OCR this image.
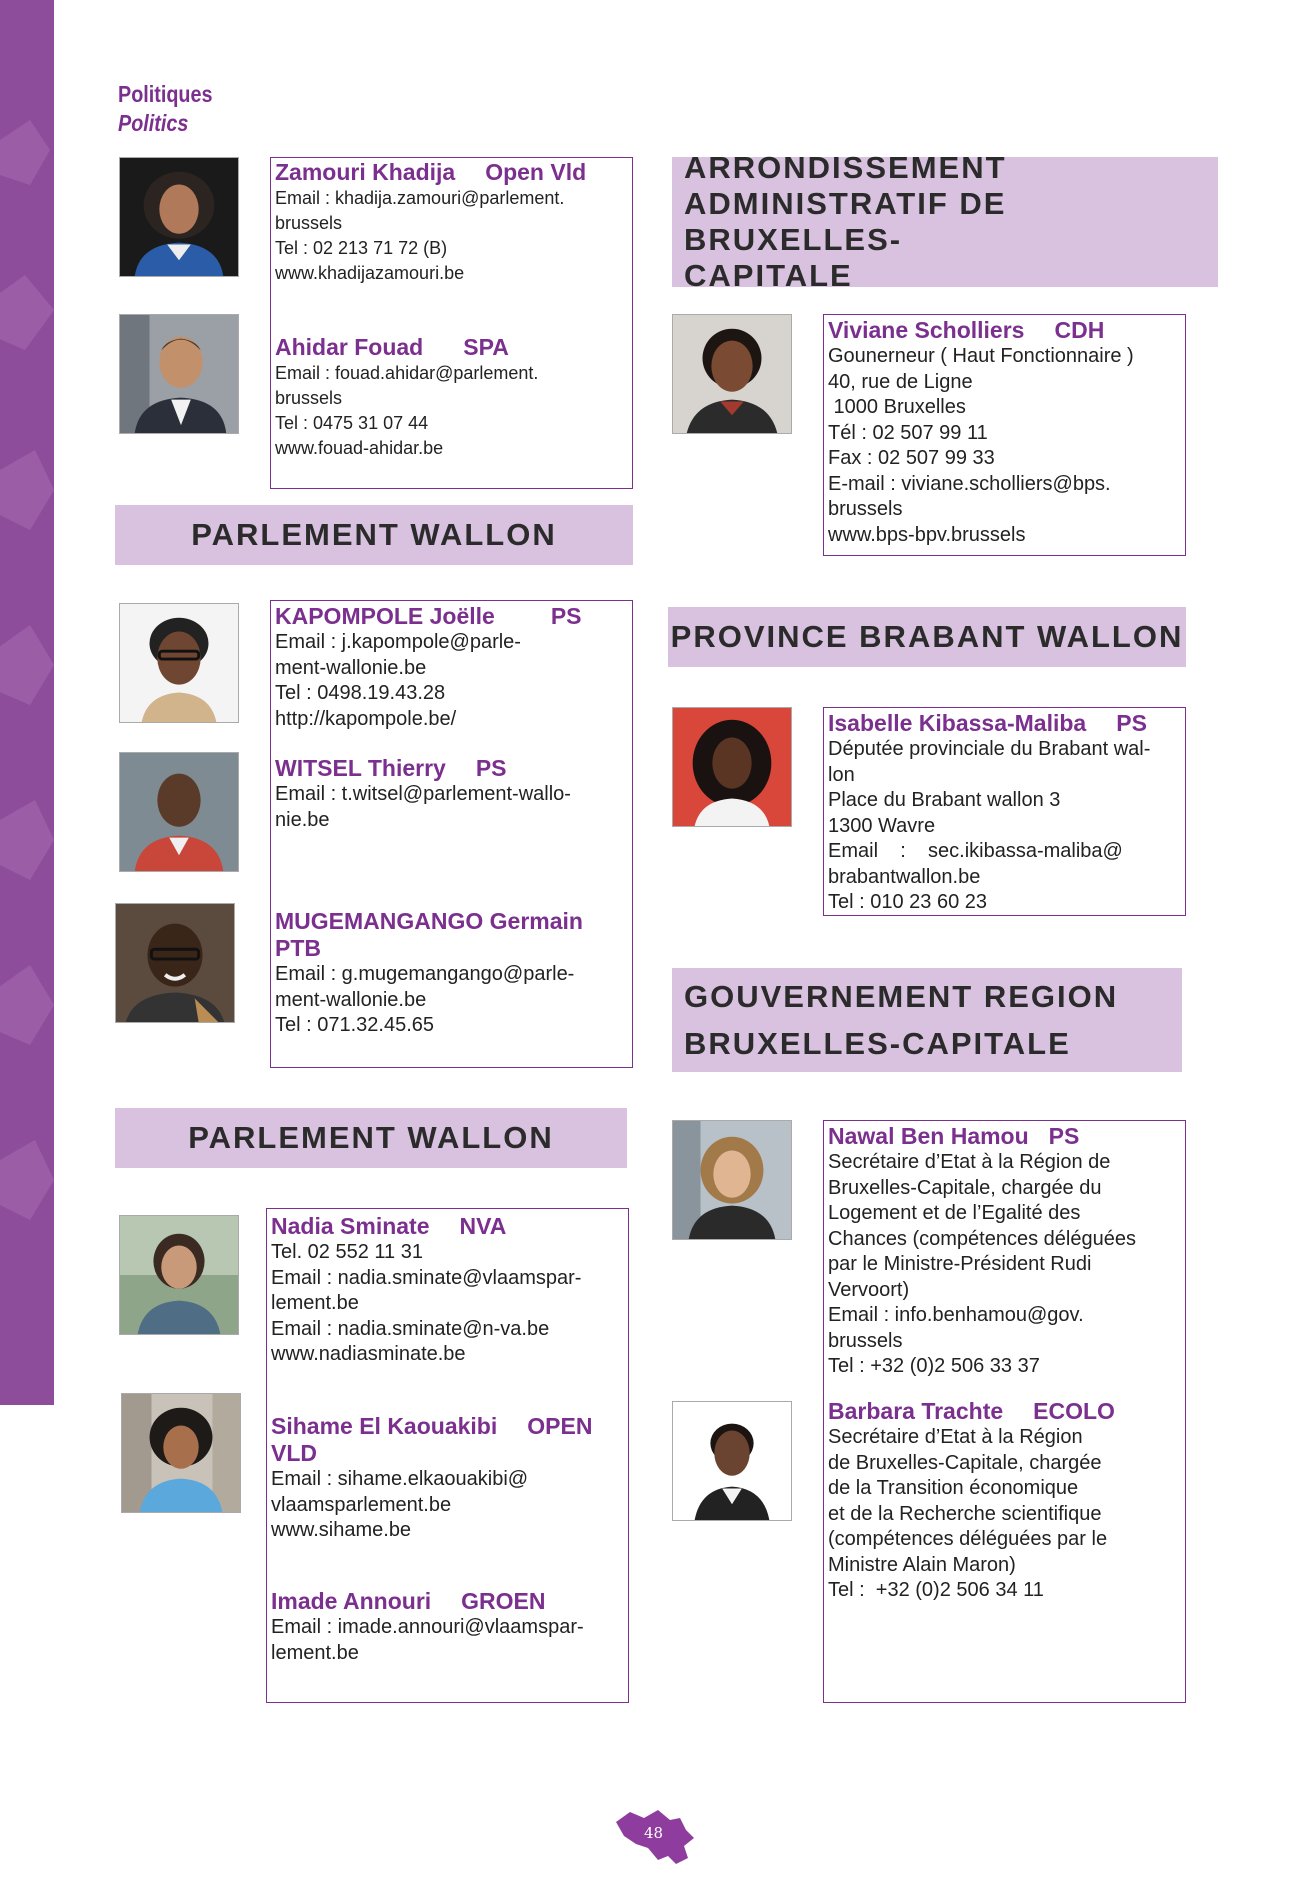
Politiques
Politics
ARRONDISSEMENT
ADMINISTRATIF DE BRUXELLES-
CAPITALE
PARLEMENT WALLON
PROVINCE BRABANT WALLON
GOUVERNEMENT REGION
BRUXELLES-CAPITALE
PARLEMENT WALLON
Zamouri Khadija Open Vld
Email : khadija.zamouri@parlement.
brussels
Tel : 02 213 71 72 (B)
www.khadijazamouri.be
Ahidar Fouad SPA
Email : fouad.ahidar@parlement.
brussels
Tel : 0475 31 07 44
www.fouad-ahidar.be
KAPOMPOLE Joëlle PS
Email : j.kapompole@parle-
ment-wallonie.be
Tel : 0498.19.43.28
http://kapompole.be/
WITSEL Thierry PS
Email : t.witsel@parlement-wallo-
nie.be
MUGEMANGANGO Germain
PTB
Email : g.mugemangango@parle-
ment-wallonie.be
Tel : 071.32.45.65
Nadia Sminate NVA
Tel. 02 552 11 31
Email : nadia.sminate@vlaamspar-
lement.be
Email : nadia.sminate@n-va.be
www.nadiasminate.be
Sihame El Kaouakibi OPEN
VLD
Email : sihame.elkaouakibi@
vlaamsparlement.be
www.sihame.be
Imade Annouri GROEN
Email : imade.annouri@vlaamspar-
lement.be
Viviane Scholliers CDH
Gounerneur ( Haut Fonctionnaire )
40, rue de Ligne
1000 Bruxelles
Tél : 02 507 99 11
Fax : 02 507 99 33
E-mail : viviane.scholliers@bps.
brussels
www.bps-bpv.brussels
Isabelle Kibassa-Maliba PS
Députée provinciale du Brabant wal-
lon
Place du Brabant wallon 3
1300 Wavre
Email    :    sec.ikibassa-maliba@
brabantwallon.be
Tel : 010 23 60 23
Nawal Ben Hamou PS
Secrétaire d’Etat à la Région de
Bruxelles-Capitale, chargée du
Logement et de l’Egalité des
Chances (compétences déléguées
par le Ministre-Président Rudi
Vervoort)
Email : info.benhamou@gov.
brussels
Tel : +32 (0)2 506 33 37
Barbara Trachte ECOLO
Secrétaire d’Etat à la Région
de Bruxelles-Capitale, chargée
de la Transition économique
et de la Recherche scientifique
(compétences déléguées par le
Ministre Alain Maron)
Tel :  +32 (0)2 506 34 11
48
